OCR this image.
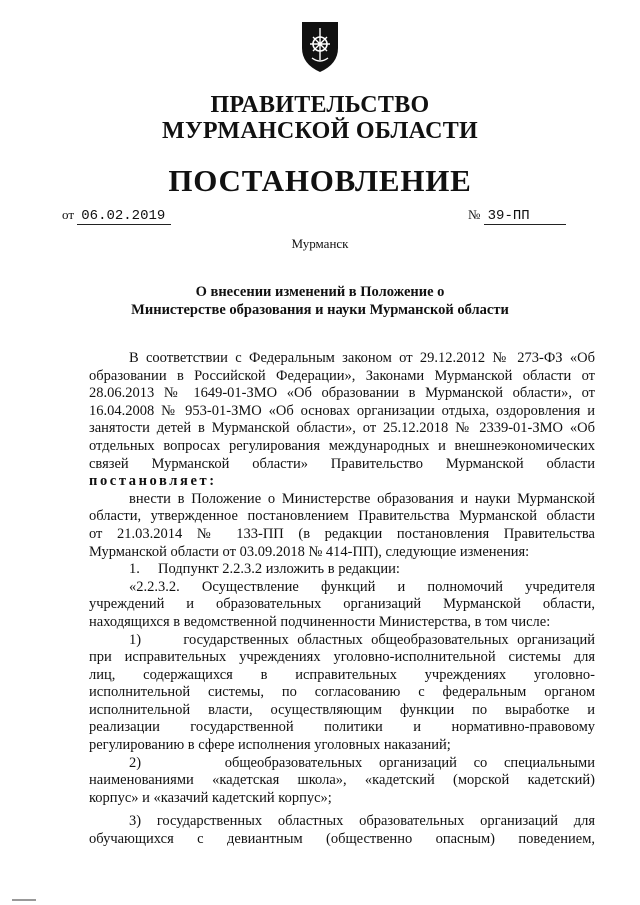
ПРАВИТЕЛЬСТВО
МУРМАНСКОЙ ОБЛАСТИ
ПОСТАНОВЛЕНИЕ
от 06.02.2019	№ 39-ПП
Мурманск
О внесении изменений в Положение о
Министерстве образования и науки Мурманской области

В соответствии с Федеральным законом от 29.12.2012 № 273-ФЗ «Об

образовании в Российской Федерации», Законами Мурманской области от

28.06.2013 № 1649-01-ЗМО «Об образовании в Мурманской области», от

16.04.2008 № 953-01-ЗМО «Об основах организации отдыха, оздоровления и

занятости детей в Мурманской области», от 25.12.2018 № 2339-01-ЗМО «Об

отдельных вопросах регулирования международных и внешнеэкономических

связей Мурманской области» Правительство Мурманской области

постановляет:

внести в Положение о Министерстве образования и науки Мурманской

области, утвержденное постановлением Правительства Мурманской области

от 21.03.2014 № 133-ПП (в редакции постановления Правительства

Мурманской области от 03.09.2018 № 414-ПП), следующие изменения:

1.     Подпункт 2.2.3.2 изложить в редакции:

«2.2.3.2. Осуществление функций и полномочий учредителя

учреждений и образовательных организаций Мурманской области,

находящихся в ведомственной подчиненности Министерства, в том числе:

1)     государственных областных общеобразовательных организаций

при исправительных учреждениях уголовно-исполнительной системы для

лиц, содержащихся в исправительных учреждениях уголовно-

исполнительной системы, по согласованию с федеральным органом

исполнительной власти, осуществляющим функции по выработке и

реализации государственной политики и нормативно-правовому

регулированию в сфере исполнения уголовных наказаний;

2)     общеобразовательных организаций со специальными

наименованиями «кадетская школа», «кадетский (морской кадетский)

корпус» и «казачий кадетский корпус»;

3) государственных областных образовательных организаций для

обучающихся с девиантным (общественно опасным) поведением,
